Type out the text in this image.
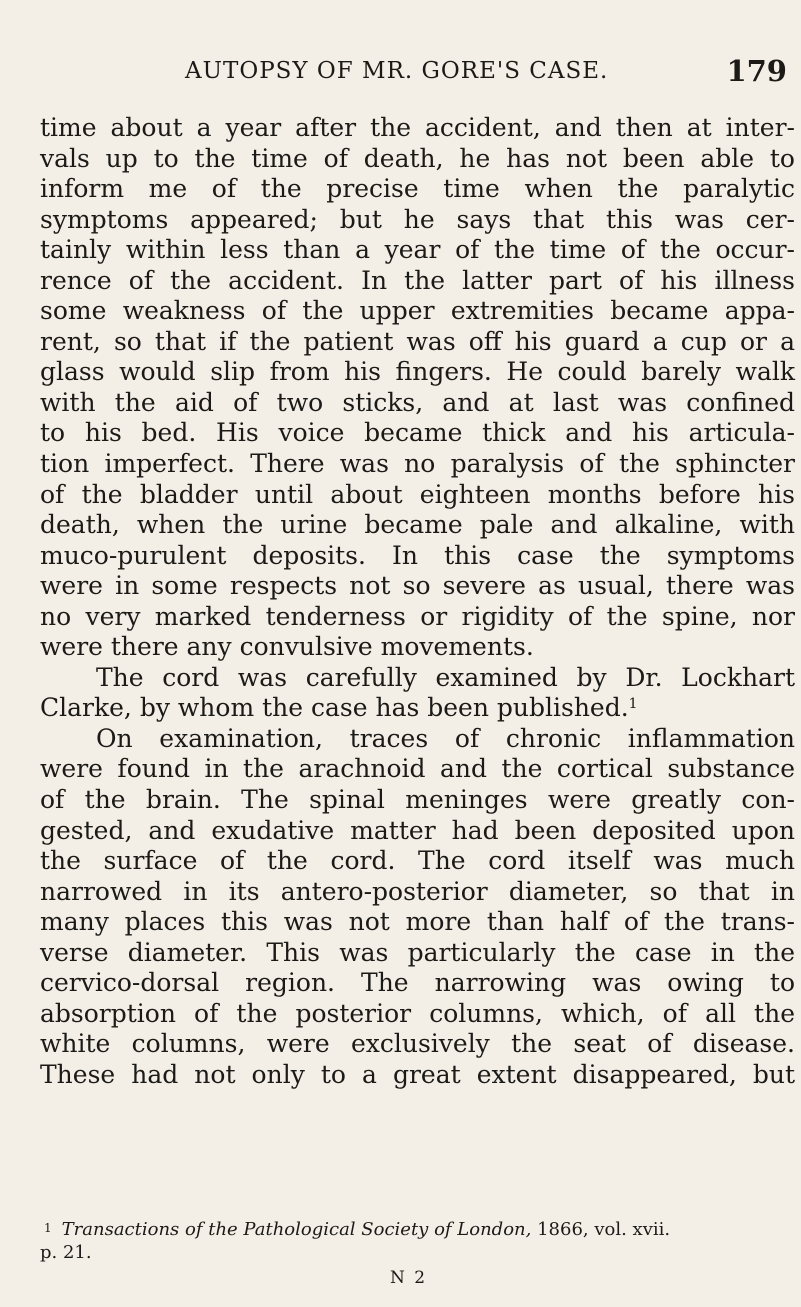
AUTOPSY OF MR. GORE'S CASE.	179
time about a year after the accident, and then at inter-
vals up to the time of death, he has not been able to
inform me of the precise time when the paralytic
symptoms appeared; but he says that this was cer-
tainly within less than a year of the time of the occur-
rence of the accident. In the latter part of his illness
some weakness of the upper extremities became appa-
rent, so that if the patient was off his guard a cup or a
glass would slip from his fingers. He could barely walk
with the aid of two sticks, and at last was confined
to his bed. His voice became thick and his articula-
tion imperfect. There was no paralysis of the sphincter
of the bladder until about eighteen months before his
death, when the urine became pale and alkaline, with
muco-purulent deposits. In this case the symptoms
were in some respects not so severe as usual, there was
no very marked tenderness or rigidity of the spine, nor
were there any convulsive movements.
The cord was carefully examined by Dr. Lockhart
Clarke, by whom the case has been published.$^1$
On examination, traces of chronic inflammation
were found in the arachnoid and the cortical substance
of the brain. The spinal meninges were greatly con-
gested, and exudative matter had been deposited upon
the surface of the cord. The cord itself was much
narrowed in its antero-posterior diameter, so that in
many places this was not more than half of the trans-
verse diameter. This was particularly the case in the
cervico-dorsal region. The narrowing was owing to
absorption of the posterior columns, which, of all the
white columns, were exclusively the seat of disease.
These had not only to a great extent disappeared, but
$^1$ Transactions of the Pathological Society of London, 1866, vol. xvii.
p. 21.
N 2
